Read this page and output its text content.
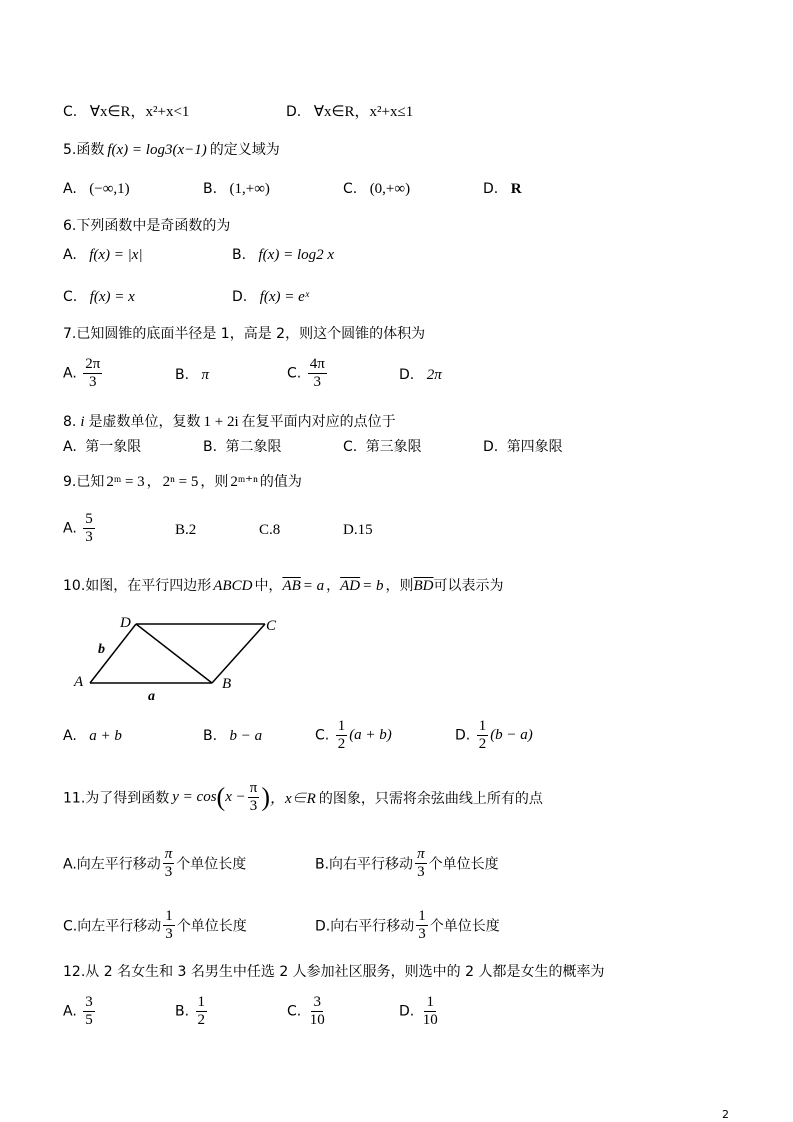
C. ∀x∈R，x²+x<1	D. ∀x∈R，x²+x≤1
5.函数 f(x) = log3(x−1) 的定义域为
A. (−∞,1)	B. (1,+∞)	C. (0,+∞)	D. R
6.下列函数中是奇函数的为
A. f(x) = |x|	B. f(x) = log2 x
C. f(x) = x	D. f(x) = eˣ
7.已知圆锥的底面半径是 1，高是 2，则这个圆锥的体积为
A. $\frac{2\pi}{3}$	B. π	C. $\frac{4\pi}{3}$	D. 2π
8. i 是虚数单位，复数 1 + 2i 在复平面内对应的点位于
A. 第一象限	B. 第二象限	C. 第三象限	D. 第四象限
9.已知 2ᵐ = 3 ， 2ⁿ = 5 ，则 2ᵐ⁺ⁿ 的值为
A. $\frac{5}{3}$	B.2	C.8	D.15
10.如图，在平行四边形 ABCD 中，$\overline{AB} = a$ ，$\overline{AD} = b$ ，则$\overline{BD}$可以表示为
A	B
C
D
a
b
A. a + b	B. b − a	C. $\frac{1}{2} (a + b)$	D. $\frac{1}{2} (b - a)$
11.为了得到函数 $y = \cos(x - \frac{\pi}{3}$ )，x∈R 的图象，只需将余弦曲线上所有的点
A.向左平行移动 $\frac{\pi}{3}$ 个单位长度	B.向右平行移动 $\frac{\pi}{3}$ 个单位长度
C.向左平行移动 $\frac{1}{3}$ 个单位长度	D.向右平行移动 $\frac{1}{3}$ 个单位长度
12.从 2 名女生和 3 名男生中任选 2 人参加社区服务，则选中的 2 人都是女生的概率为
A. $\frac{3}{5}$	B. $\frac{1}{2}$	C. $\frac{3}{10}$	D. $\frac{1}{10}$
2
